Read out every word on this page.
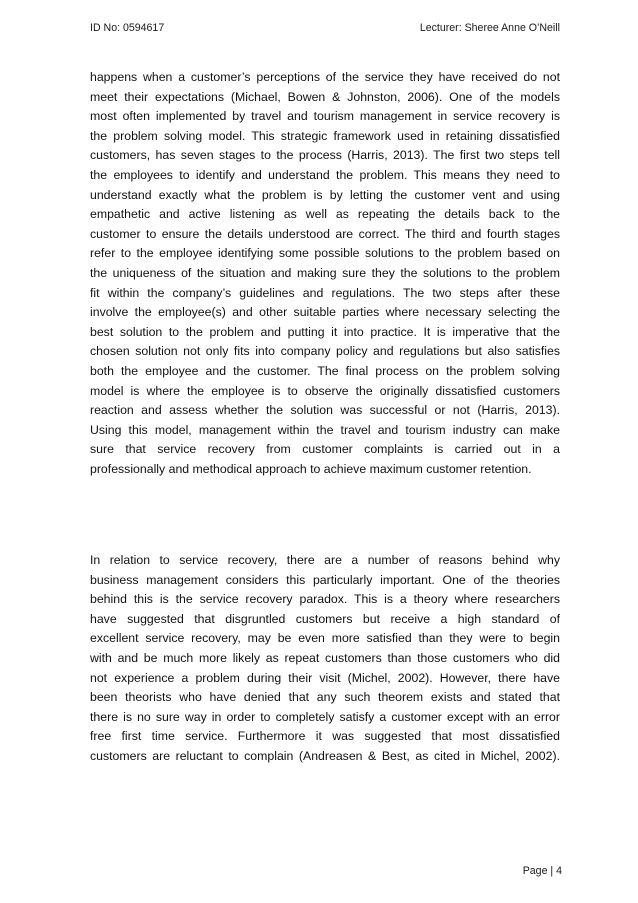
ID No: 0594617	Lecturer: Sheree Anne O’Neill
happens when a customer’s perceptions of the service they have received do not
meet their expectations (Michael, Bowen & Johnston, 2006). One of the models
most often implemented by travel and tourism management in service recovery is
the problem solving model. This strategic framework used in retaining dissatisfied
customers, has seven stages to the process (Harris, 2013). The first two steps tell
the employees to identify and understand the problem. This means they need to
understand exactly what the problem is by letting the customer vent and using
empathetic and active listening as well as repeating the details back to the
customer to ensure the details understood are correct. The third and fourth stages
refer to the employee identifying some possible solutions to the problem based on
the uniqueness of the situation and making sure they the solutions to the problem
fit within the company’s guidelines and regulations. The two steps after these
involve the employee(s) and other suitable parties where necessary selecting the
best solution to the problem and putting it into practice. It is imperative that the
chosen solution not only fits into company policy and regulations but also satisfies
both the employee and the customer. The final process on the problem solving
model is where the employee is to observe the originally dissatisfied customers
reaction and assess whether the solution was successful or not (Harris, 2013).
Using this model, management within the travel and tourism industry can make
sure that service recovery from customer complaints is carried out in a
professionally and methodical approach to achieve maximum customer retention.
In relation to service recovery, there are a number of reasons behind why
business management considers this particularly important. One of the theories
behind this is the service recovery paradox. This is a theory where researchers
have suggested that disgruntled customers but receive a high standard of
excellent service recovery, may be even more satisfied than they were to begin
with and be much more likely as repeat customers than those customers who did
not experience a problem during their visit (Michel, 2002). However, there have
been theorists who have denied that any such theorem exists and stated that
there is no sure way in order to completely satisfy a customer except with an error
free first time service. Furthermore it was suggested that most dissatisfied
customers are reluctant to complain (Andreasen & Best, as cited in Michel, 2002).
Page | 4
